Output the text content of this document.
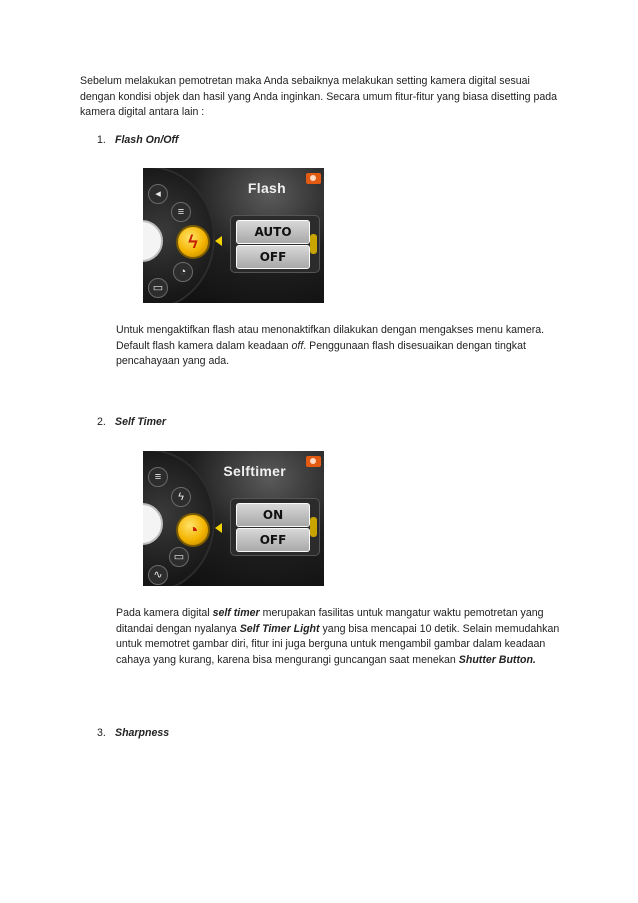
Sebelum melakukan pemotretan maka Anda sebaiknya melakukan setting kamera digital sesuai dengan kondisi objek dan hasil yang Anda inginkan. Secara umum fitur-fitur yang biasa disetting pada kamera digital antara lain :

1. Flash On/Off
◂
≡
ϟ
◔
▭
Flash
AUTO
OFF

Untuk mengaktifkan flash atau menonaktifkan dilakukan dengan mengakses menu kamera. Default flash kamera dalam keadaan off. Penggunaan flash disesuaikan dengan tingkat pencahayaan yang ada.

2. Self Timer
≡
ϟ
◔
▭
∿
Selftimer
ON
OFF

Pada kamera digital self timer merupakan fasilitas untuk mangatur waktu pemotretan yang ditandai dengan nyalanya Self Timer Light yang bisa mencapai 10 detik. Selain memudahkan untuk memotret gambar diri, fitur ini juga berguna untuk mengambil gambar dalam keadaan cahaya yang kurang, karena bisa mengurangi guncangan saat menekan Shutter Button.

3. Sharpness
